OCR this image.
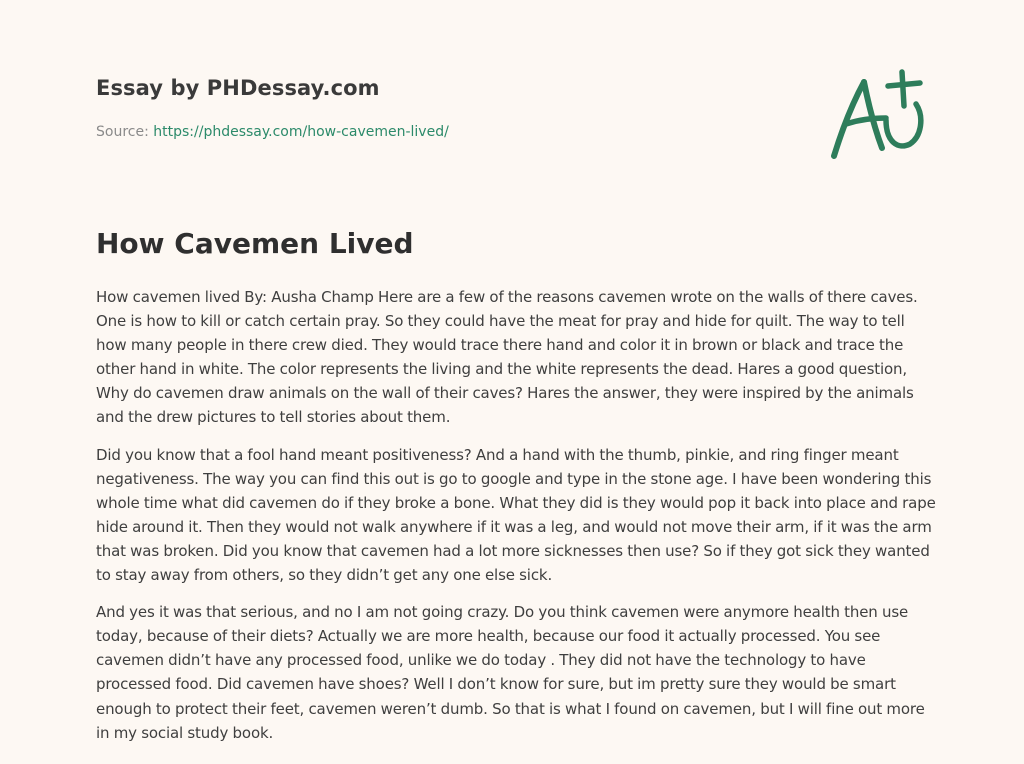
Essay by PHDessay.com

Source: https://phdessay.com/how-cavemen-lived/

How Cavemen Lived

How cavemen lived By: Ausha Champ Here are a few of the reasons cavemen wrote on the walls of there caves. One is how to kill or catch certain pray. So they could have the meat for pray and hide for quilt. The way to tell how many people in there crew died. They would trace there hand and color it in brown or black and trace the other hand in white. The color represents the living and the white represents the dead. Hares a good question, Why do cavemen draw animals on the wall of their caves? Hares the answer, they were inspired by the animals and the drew pictures to tell stories about them.

Did you know that a fool hand meant positiveness? And a hand with the thumb, pinkie, and ring finger meant negativeness. The way you can find this out is go to google and type in the stone age. I have been wondering this whole time what did cavemen do if they broke a bone. What they did is they would pop it back into place and rape hide around it. Then they would not walk anywhere if it was a leg, and would not move their arm, if it was the arm that was broken. Did you know that cavemen had a lot more sicknesses then use? So if they got sick they wanted to stay away from others, so they didn’t get any one else sick.

And yes it was that serious, and no I am not going crazy. Do you think cavemen were anymore health then use today, because of their diets? Actually we are more health, because our food it actually processed. You see cavemen didn’t have any processed food, unlike we do today . They did not have the technology to have processed food. Did cavemen have shoes? Well I don’t know for sure, but im pretty sure they would be smart enough to protect their feet, cavemen weren’t dumb. So that is what I found on cavemen, but I will fine out more in my social study book.
